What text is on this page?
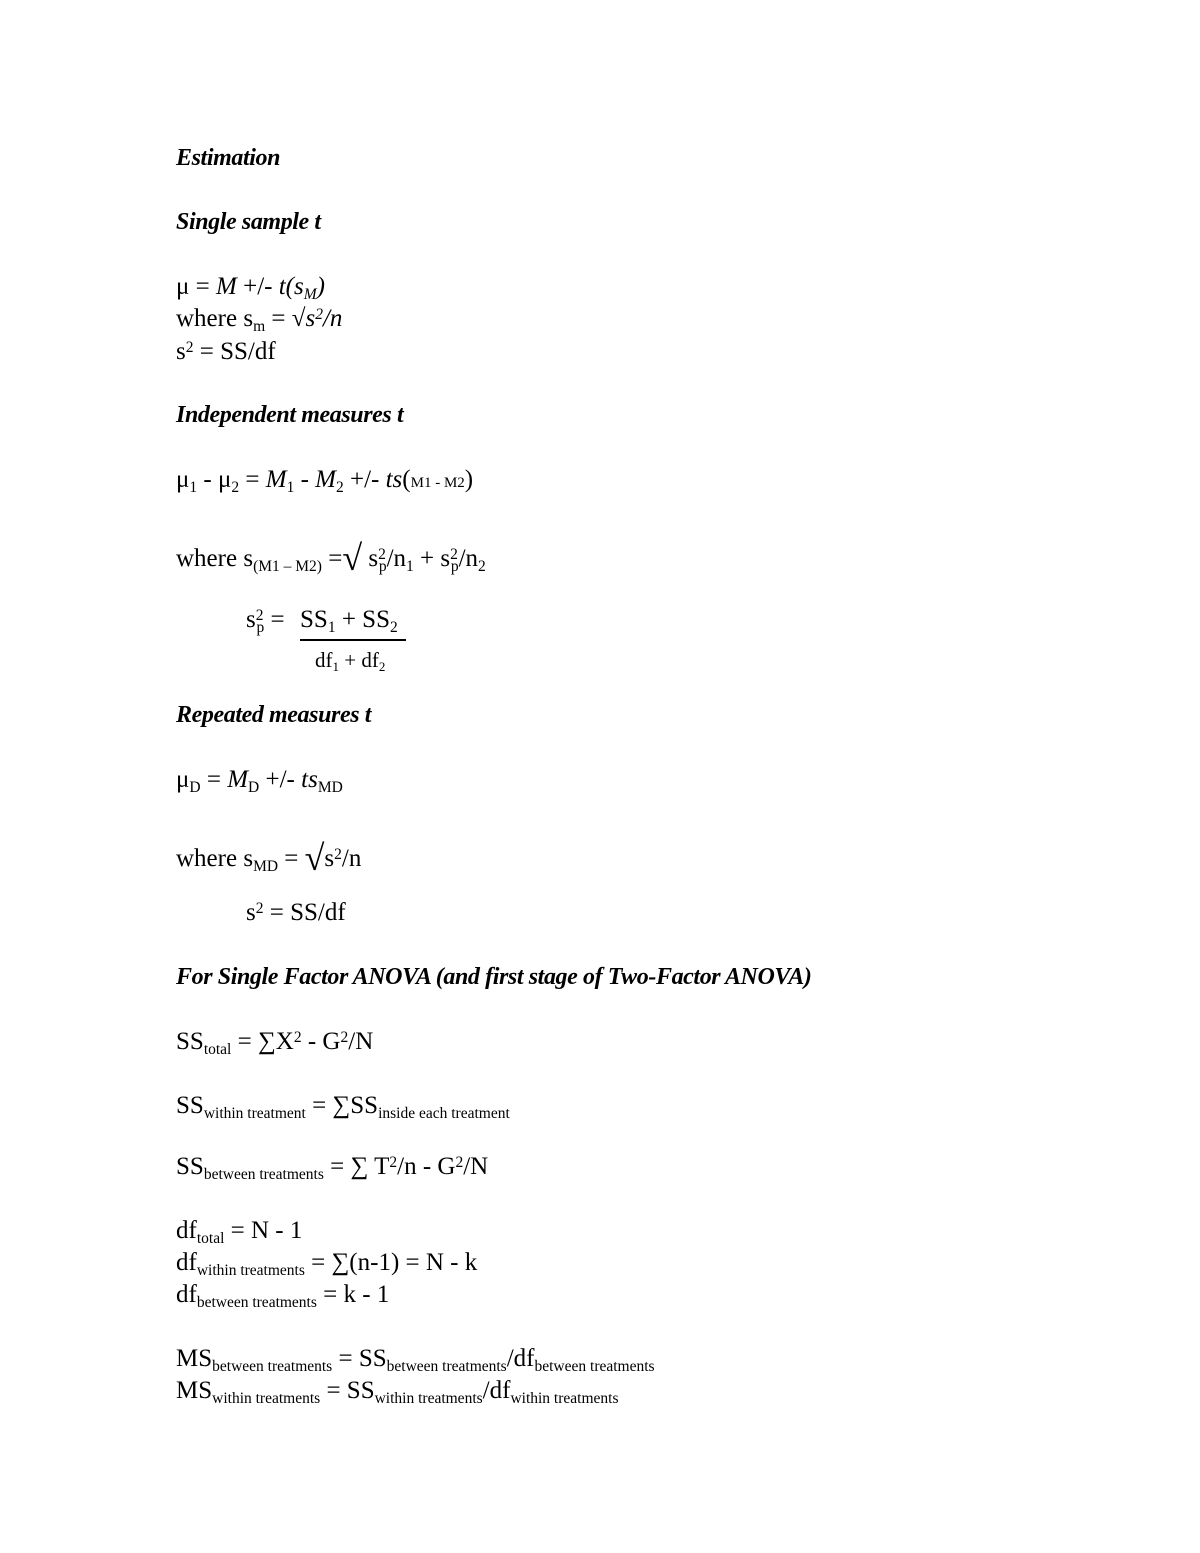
Estimation
Single sample t
μ = M +/- $t(s_M)$
where $s_m = √s^2/n$
$s^2 = SS/df$
Independent measures t
$\mu_1 - \mu_2 = M_1 - M_2$ +/- ts(M1 - M2)
where $s_{(M1 - M2)}$ =√ $s^2_p/n_1 + s^2_p/n_2$
$s^2_p = SS_1 + SS_2$
$df_1 + df_2$
Repeated measures t
$\mu_D = M_D$ +/- $ts_{MD}$
where $s_{MD} = √s^2/n$
$s^2 = SS/df$
For Single Factor ANOVA (and first stage of Two-Factor ANOVA)
$SS_{total} = \sum X^2 - G^2/N$
$SS_{within treatment} = \sum SS_{inside each treatment}$
$SS_{between treatments}$ = ∑ $T^2/n - G^2/N$
$df_{total} = N - 1$
$df_{within treatments} = \sum(n-1) = N - k$
$df_{between treatments} = k - 1$
$MS_{between treatments} = SS_{between treatments}/df_{between treatments}$
$MS_{within treatments} = SS_{within treatments}/df_{within treatments}$
